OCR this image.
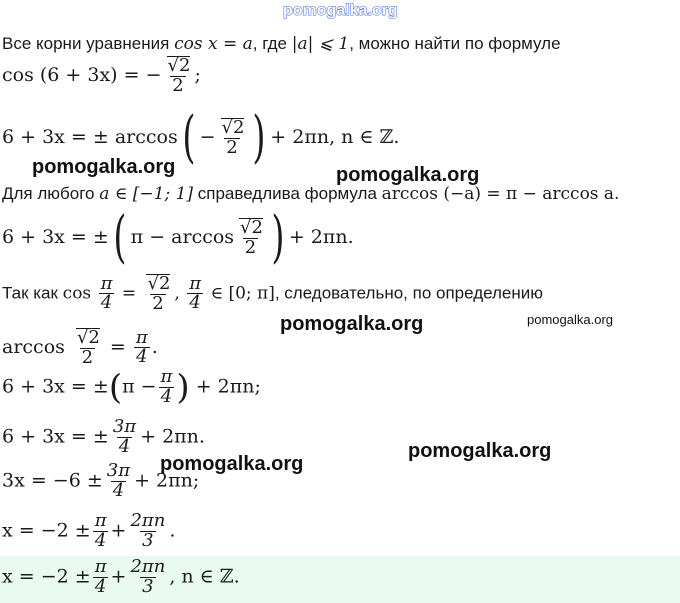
pomogalka.org
Все корни уравнения cos x = a, где |a| ⩽ 1, можно найти по формуле
cos (6 + 3x) = − $\frac{√2}{2}$ ;
6 + 3x = ± $\arccos( - \frac{√2}{2}$ ) + 2πn, n ∈ ℤ.
Для любого a ∈ [−1; 1] справедлива формула arccos (−a) = π − arccos a.
6 + 3x = ±( $\pi - \arccos \frac{√2}{2}$ ) + 2πn.
Так как $\cos \frac{\pi}{4} = \frac{√2}{2}$ , $\frac{\pi}{4}$ ∈ [0; π], следовательно, по определению
$\arccos \frac{√2}{2} = \frac{\pi}{4}$ .
$6 + 3x = \pm(\pi - \frac{\pi}{4}$ ) + 2πn;
6 + 3x = ± $\frac{3\pi}{4} + 2\pi n$.
$3x = -6 \pm \frac{3\pi}{4} + 2\pi n$;
$x = -2 \pm \frac{\pi}{4} + \frac{2\pi n}{3}$ .
$x = -2 \pm \frac{\pi}{4} + \frac{2\pi n}{3}$ , n ∈ ℤ.
pomogalka.org	pomogalka.org
pomogalka.org	pomogalka.org
pomogalka.org
pomogalka.org
